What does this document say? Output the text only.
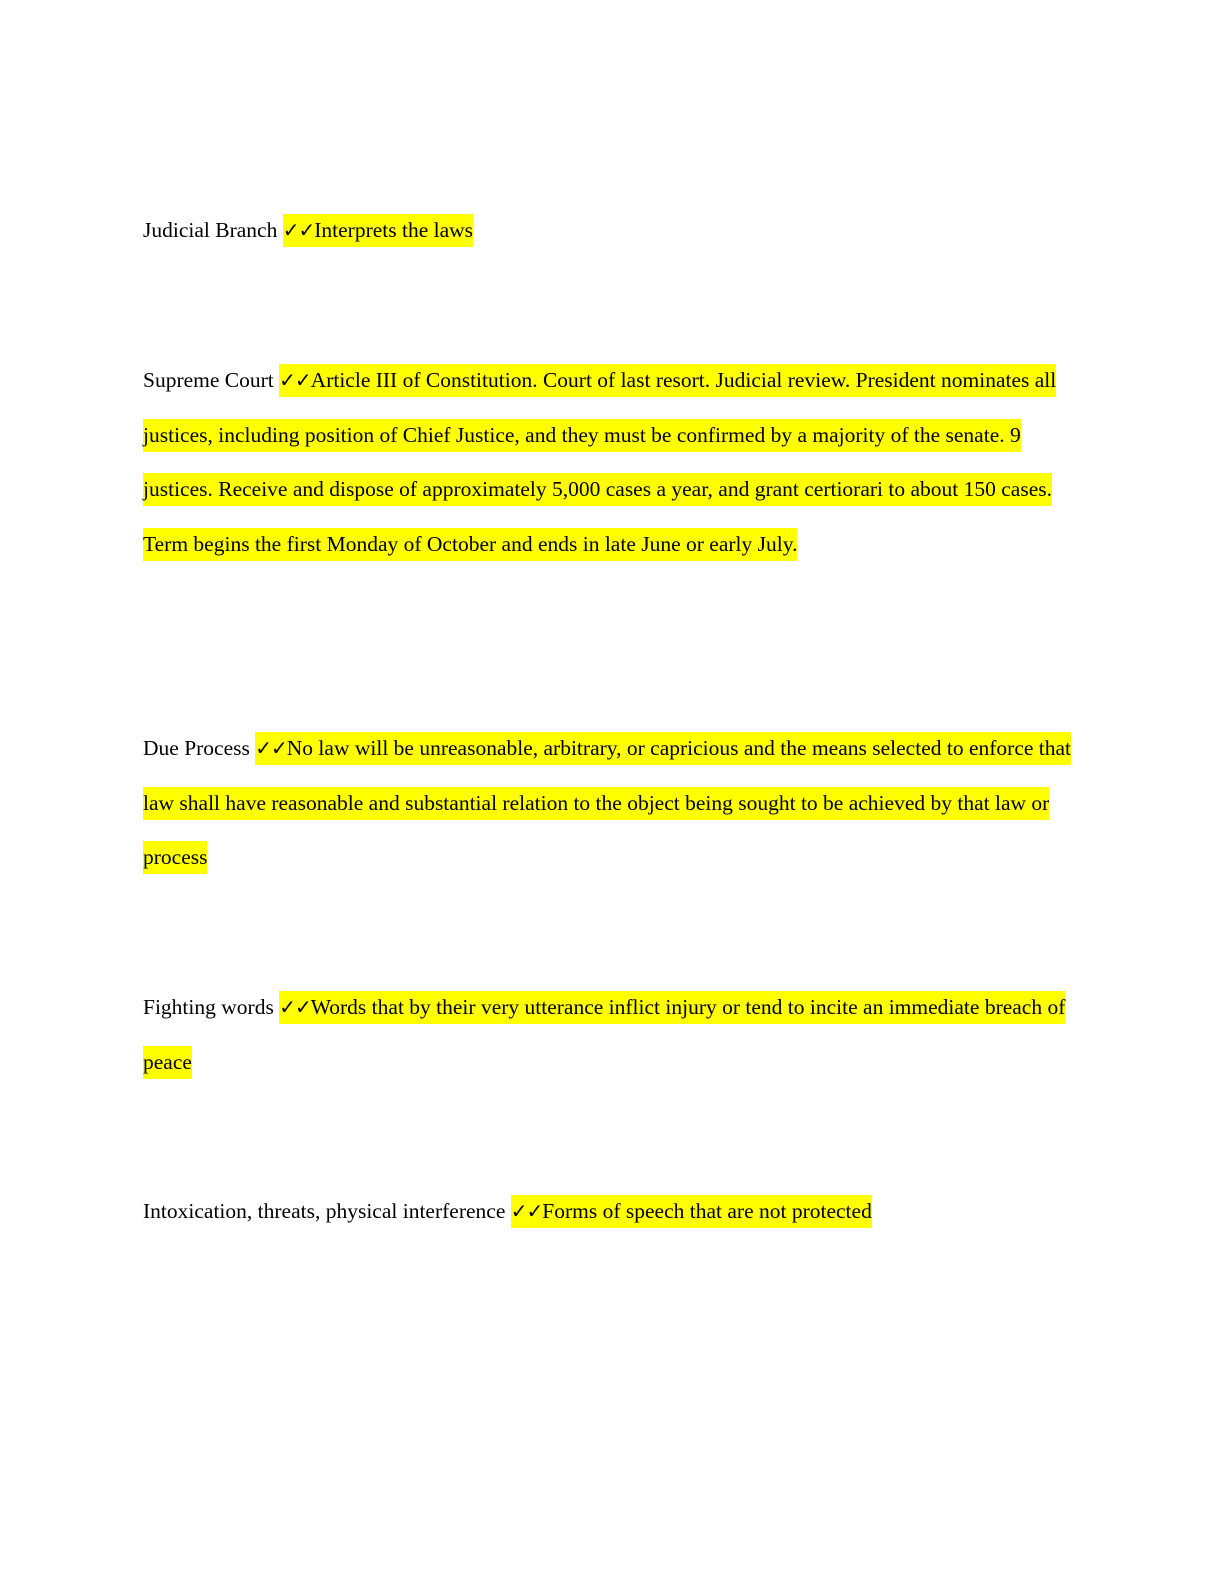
Judicial Branch ✓✓Interprets the laws

Supreme Court ✓✓Article III of Constitution. Court of last resort. Judicial review. President nominates all justices, including position of Chief Justice, and they must be confirmed by a majority of the senate. 9 justices. Receive and dispose of approximately 5,000 cases a year, and grant certiorari to about 150 cases. Term begins the first Monday of October and ends in late June or early July.

Due Process ✓✓No law will be unreasonable, arbitrary, or capricious and the means selected to enforce that law shall have reasonable and substantial relation to the object being sought to be achieved by that law or process

Fighting words ✓✓Words that by their very utterance inflict injury or tend to incite an immediate breach of peace

Intoxication, threats, physical interference ✓✓Forms of speech that are not protected
